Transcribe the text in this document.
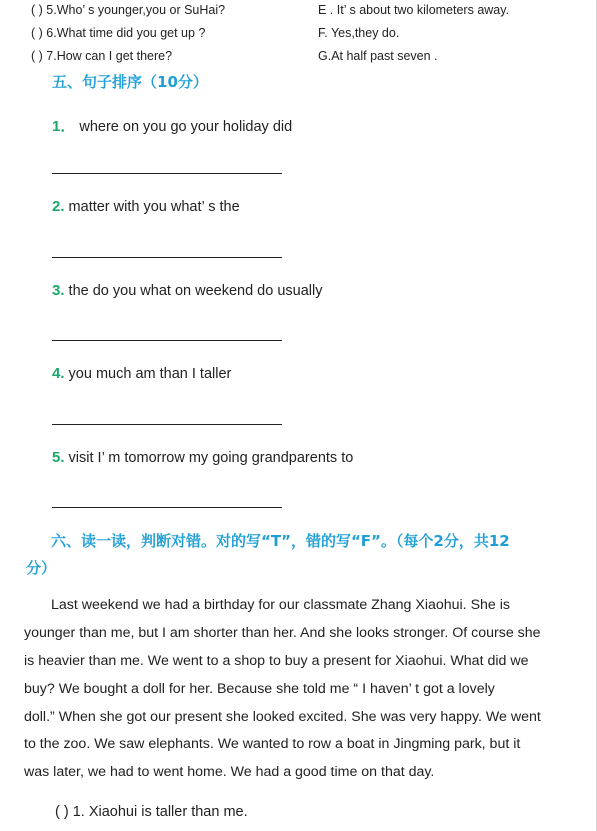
( ) 5.Who’ s younger,you or SuHai?	E . It’ s about two kilometers away.
( ) 6.What time did you get up ?	F. Yes,they do.
( ) 7.How can I get there?	G.At half past seven .
五、句子排序（10分）
1． where on you go your holiday did
2. matter with you what’ s the
3. the do you what on weekend do usually
4. you much am than I taller
5. visit I’ m tomorrow my going grandparents to
六、读一读，判断对错。对的写“T”，错的写“F”。（每个2分，共12
分）
Last weekend we had a birthday for our classmate Zhang Xiaohui. She is
younger than me, but I am shorter than her. And she looks stronger. Of course she
is heavier than me. We went to a shop to buy a present for Xiaohui. What did we
buy? We bought a doll for her. Because she told me “ I haven’ t got a lovely
doll.” When she got our present she looked excited. She was very happy. We went
to the zoo. We saw elephants. We wanted to row a boat in Jingming park, but it
was later, we had to went home. We had a good time on that day.
( ) 1. Xiaohui is taller than me.
